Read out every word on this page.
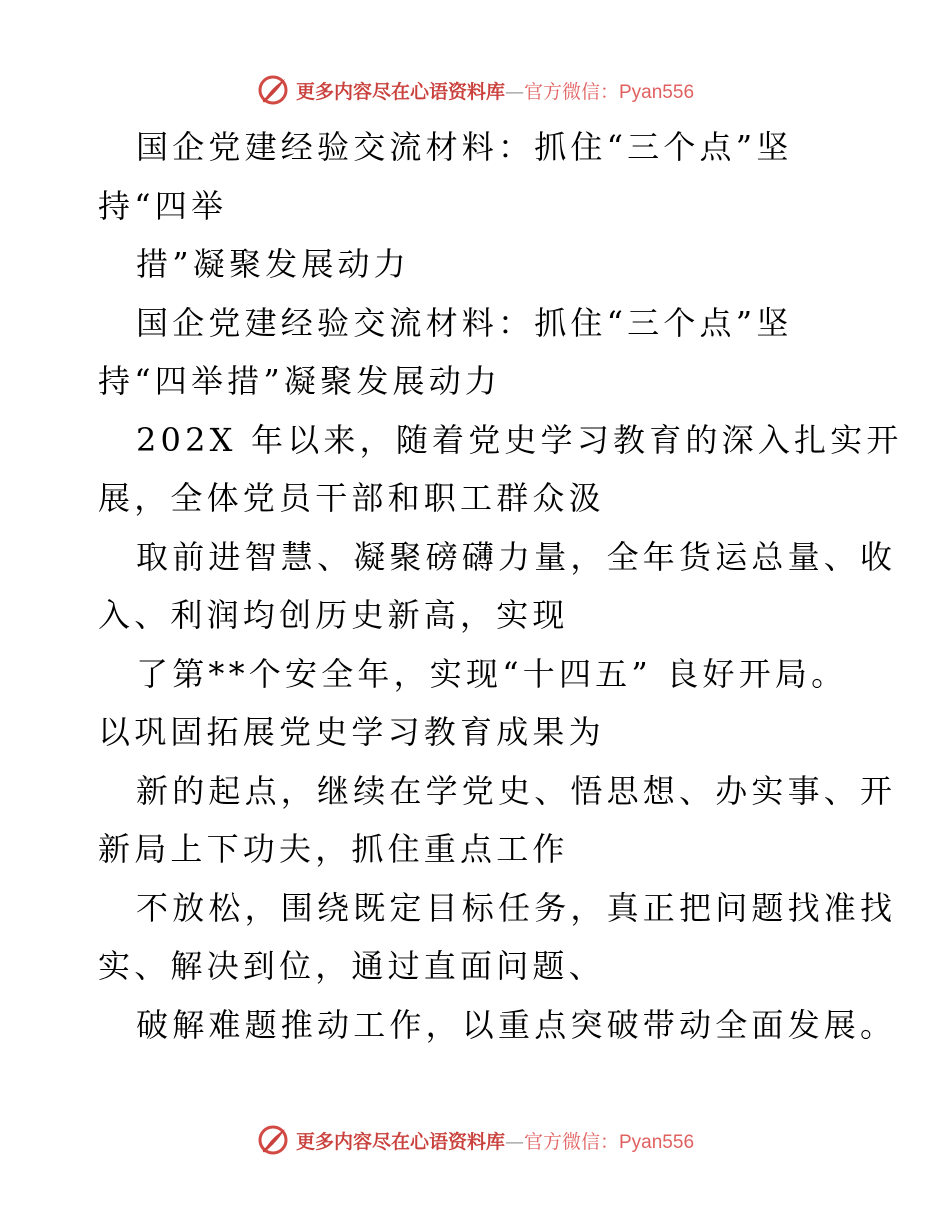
更多内容尽在心语资料库—官方微信：Pyan556
国企党建经验交流材料：抓住“三个点”坚
持“四举
措”凝聚发展动力
国企党建经验交流材料：抓住“三个点”坚
持“四举措”凝聚发展动力
202X 年以来，随着党史学习教育的深入扎实开
展，全体党员干部和职工群众汲
取前进智慧、凝聚磅礴力量，全年货运总量、收
入、利润均创历史新高，实现
了第**个安全年，实现“十四五” 良好开局。
以巩固拓展党史学习教育成果为
新的起点，继续在学党史、悟思想、办实事、开
新局上下功夫，抓住重点工作
不放松，围绕既定目标任务，真正把问题找准找
实、解决到位，通过直面问题、
破解难题推动工作，以重点突破带动全面发展。
更多内容尽在心语资料库—官方微信：Pyan556
